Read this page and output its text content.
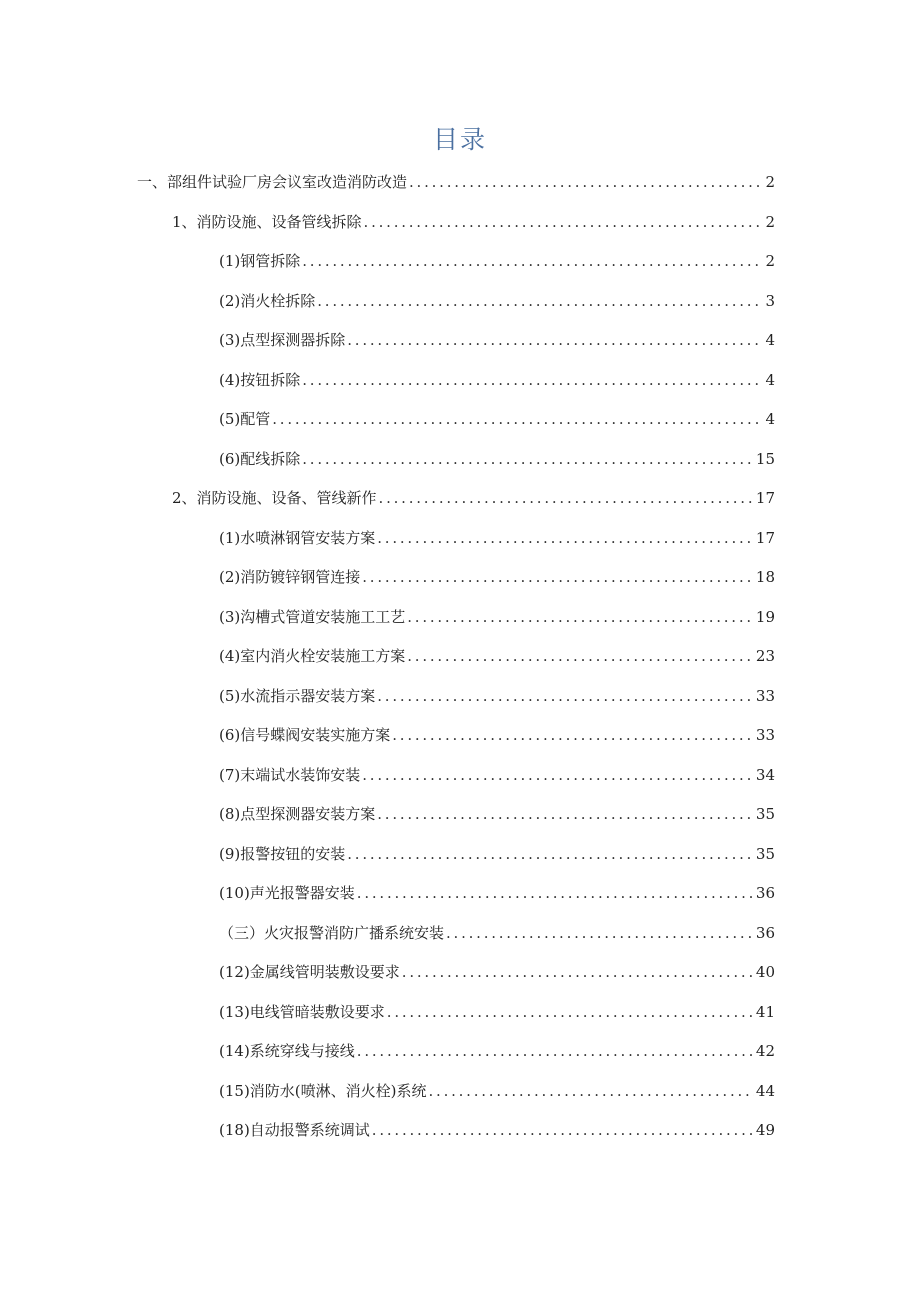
目录
一、部组件试验厂房会议室改造消防改造 . . .	2
1、消防设施、设备管线拆除 . . .	2
(1)钢管拆除 . . .	2
(2)消火栓拆除 . . .	3
(3)点型探测器拆除 . . .	4
(4)按钮拆除 . . .	4
(5)配管 . . .	4
(6)配线拆除 . . .	15
2、消防设施、设备、管线新作 . . .	17
(1)水喷淋钢管安装方案 . . .	17
(2)消防镀锌钢管连接 . . .	18
(3)沟槽式管道安装施工工艺 . . .	19
(4)室内消火栓安装施工方案 . . .	23
(5)水流指示器安装方案 . . .	33
(6)信号蝶阀安装实施方案 . . .	33
(7)末端试水装饰安装 . . .	34
(8)点型探测器安装方案 . . .	35
(9)报警按钮的安装 . . .	35
(10)声光报警器安装 . . .	36
（三）火灾报警消防广播系统安装 . . .	36
(12)金属线管明装敷设要求 . . .	40
(13)电线管暗装敷设要求 . . .	41
(14)系统穿线与接线 . . .	42
(15)消防水(喷淋、消火栓)系统 . . .	44
(18)自动报警系统调试 . . .	49
